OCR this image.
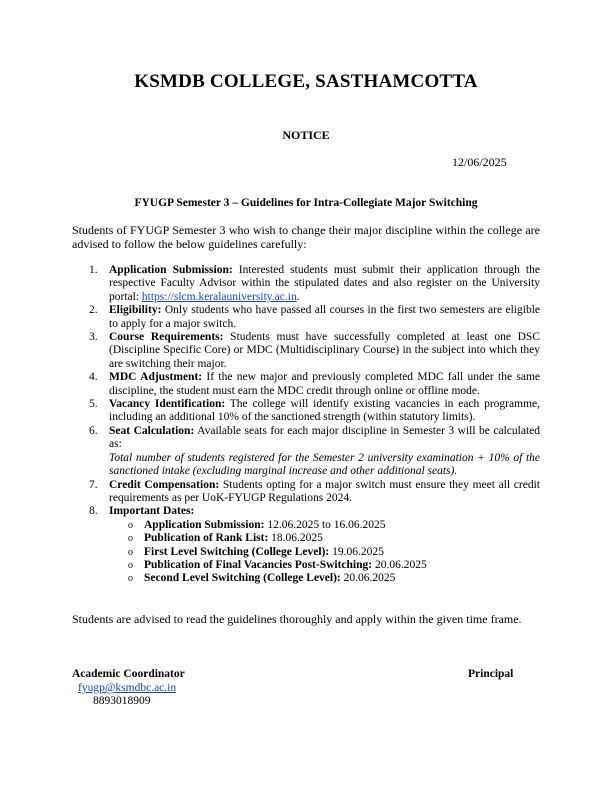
KSMDB COLLEGE, SASTHAMCOTTA
NOTICE
12/06/2025
FYUGP Semester 3 – Guidelines for Intra-Collegiate Major Switching
Students of FYUGP Semester 3 who wish to change their major discipline within the college are advised to follow the below guidelines carefully:
1. Application Submission: Interested students must submit their application through the respective Faculty Advisor within the stipulated dates and also register on the University portal: https://slcm.keralauniversity.ac.in.
2. Eligibility: Only students who have passed all courses in the first two semesters are eligible to apply for a major switch.
3. Course Requirements: Students must have successfully completed at least one DSC (Discipline Specific Core) or MDC (Multidisciplinary Course) in the subject into which they are switching their major.
4. MDC Adjustment: If the new major and previously completed MDC fall under the same discipline, the student must earn the MDC credit through online or offline mode.
5. Vacancy Identification: The college will identify existing vacancies in each programme, including an additional 10% of the sanctioned strength (within statutory limits).
6. Seat Calculation: Available seats for each major discipline in Semester 3 will be calculated as:
Total number of students registered for the Semester 2 university examination + 10% of the sanctioned intake (excluding marginal increase and other additional seats).
7. Credit Compensation: Students opting for a major switch must ensure they meet all credit requirements as per UoK-FYUGP Regulations 2024.
8. Important Dates:
o Application Submission: 12.06.2025 to 16.06.2025
o Publication of Rank List: 18.06.2025
o First Level Switching (College Level): 19.06.2025
o Publication of Final Vacancies Post-Switching: 20.06.2025
o Second Level Switching (College Level): 20.06.2025
Students are advised to read the guidelines thoroughly and apply within the given time frame.
Academic Coordinator
fyugp@ksmdbc.ac.in
8893018909
Principal
